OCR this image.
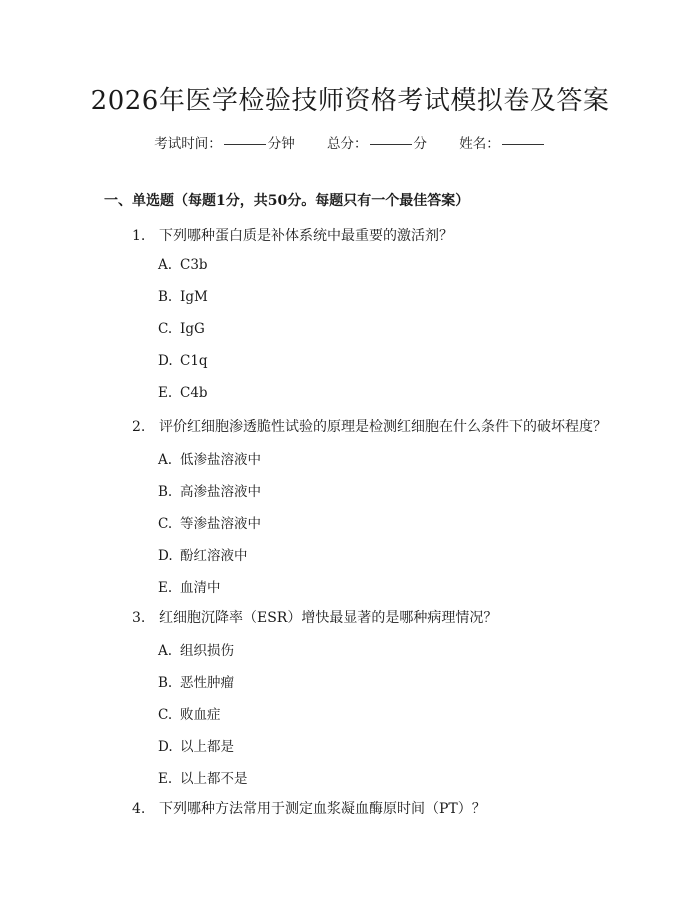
2026年医学检验技师资格考试模拟卷及答案
考试时间：	分钟 总分：	分 姓名：
一、单选题（每题1分，共50分。每题只有一个最佳答案）
1. 下列哪种蛋白质是补体系统中最重要的激活剂？
A. C3b
B. IgM
C. IgG
D. C1q
E. C4b
2. 评价红细胞渗透脆性试验的原理是检测红细胞在什么条件下的破坏程度？
A. 低渗盐溶液中
B. 高渗盐溶液中
C. 等渗盐溶液中
D. 酚红溶液中
E. 血清中
3. 红细胞沉降率（ESR）增快最显著的是哪种病理情况？
A. 组织损伤
B. 恶性肿瘤
C. 败血症
D. 以上都是
E. 以上都不是
4. 下列哪种方法常用于测定血浆凝血酶原时间（PT）？
